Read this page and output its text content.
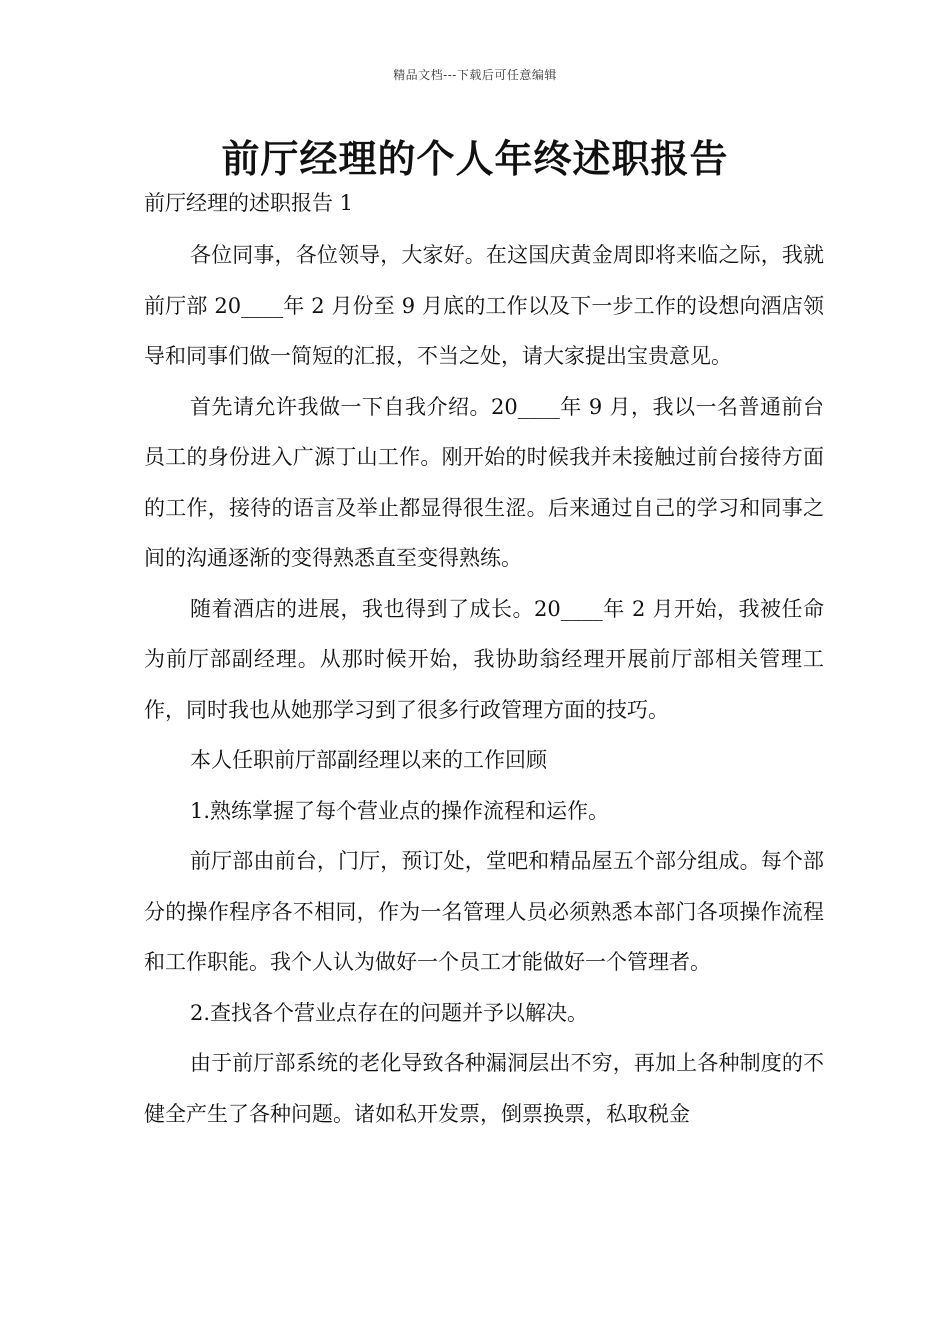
精品文档---下载后可任意编辑
前厅经理的个人年终述职报告
前厅经理的述职报告 1

各位同事，各位领导，大家好。在这国庆黄金周即将来临之际，我就前厅部 20____年 2 月份至 9 月底的工作以及下一步工作的设想向酒店领导和同事们做一简短的汇报，不当之处，请大家提出宝贵意见。

首先请允许我做一下自我介绍。20____年 9 月，我以一名普通前台员工的身份进入广源丁山工作。刚开始的时候我并未接触过前台接待方面的工作，接待的语言及举止都显得很生涩。后来通过自己的学习和同事之间的沟通逐渐的变得熟悉直至变得熟练。

随着酒店的进展，我也得到了成长。20____年 2 月开始，我被任命为前厅部副经理。从那时候开始，我协助翁经理开展前厅部相关管理工作，同时我也从她那学习到了很多行政管理方面的技巧。

本人任职前厅部副经理以来的工作回顾

1.熟练掌握了每个营业点的操作流程和运作。

前厅部由前台，门厅，预订处，堂吧和精品屋五个部分组成。每个部分的操作程序各不相同，作为一名管理人员必须熟悉本部门各项操作流程和工作职能。我个人认为做好一个员工才能做好一个管理者。

2.查找各个营业点存在的问题并予以解决。

由于前厅部系统的老化导致各种漏洞层出不穷，再加上各种制度的不健全产生了各种问题。诸如私开发票，倒票换票，私取税金
